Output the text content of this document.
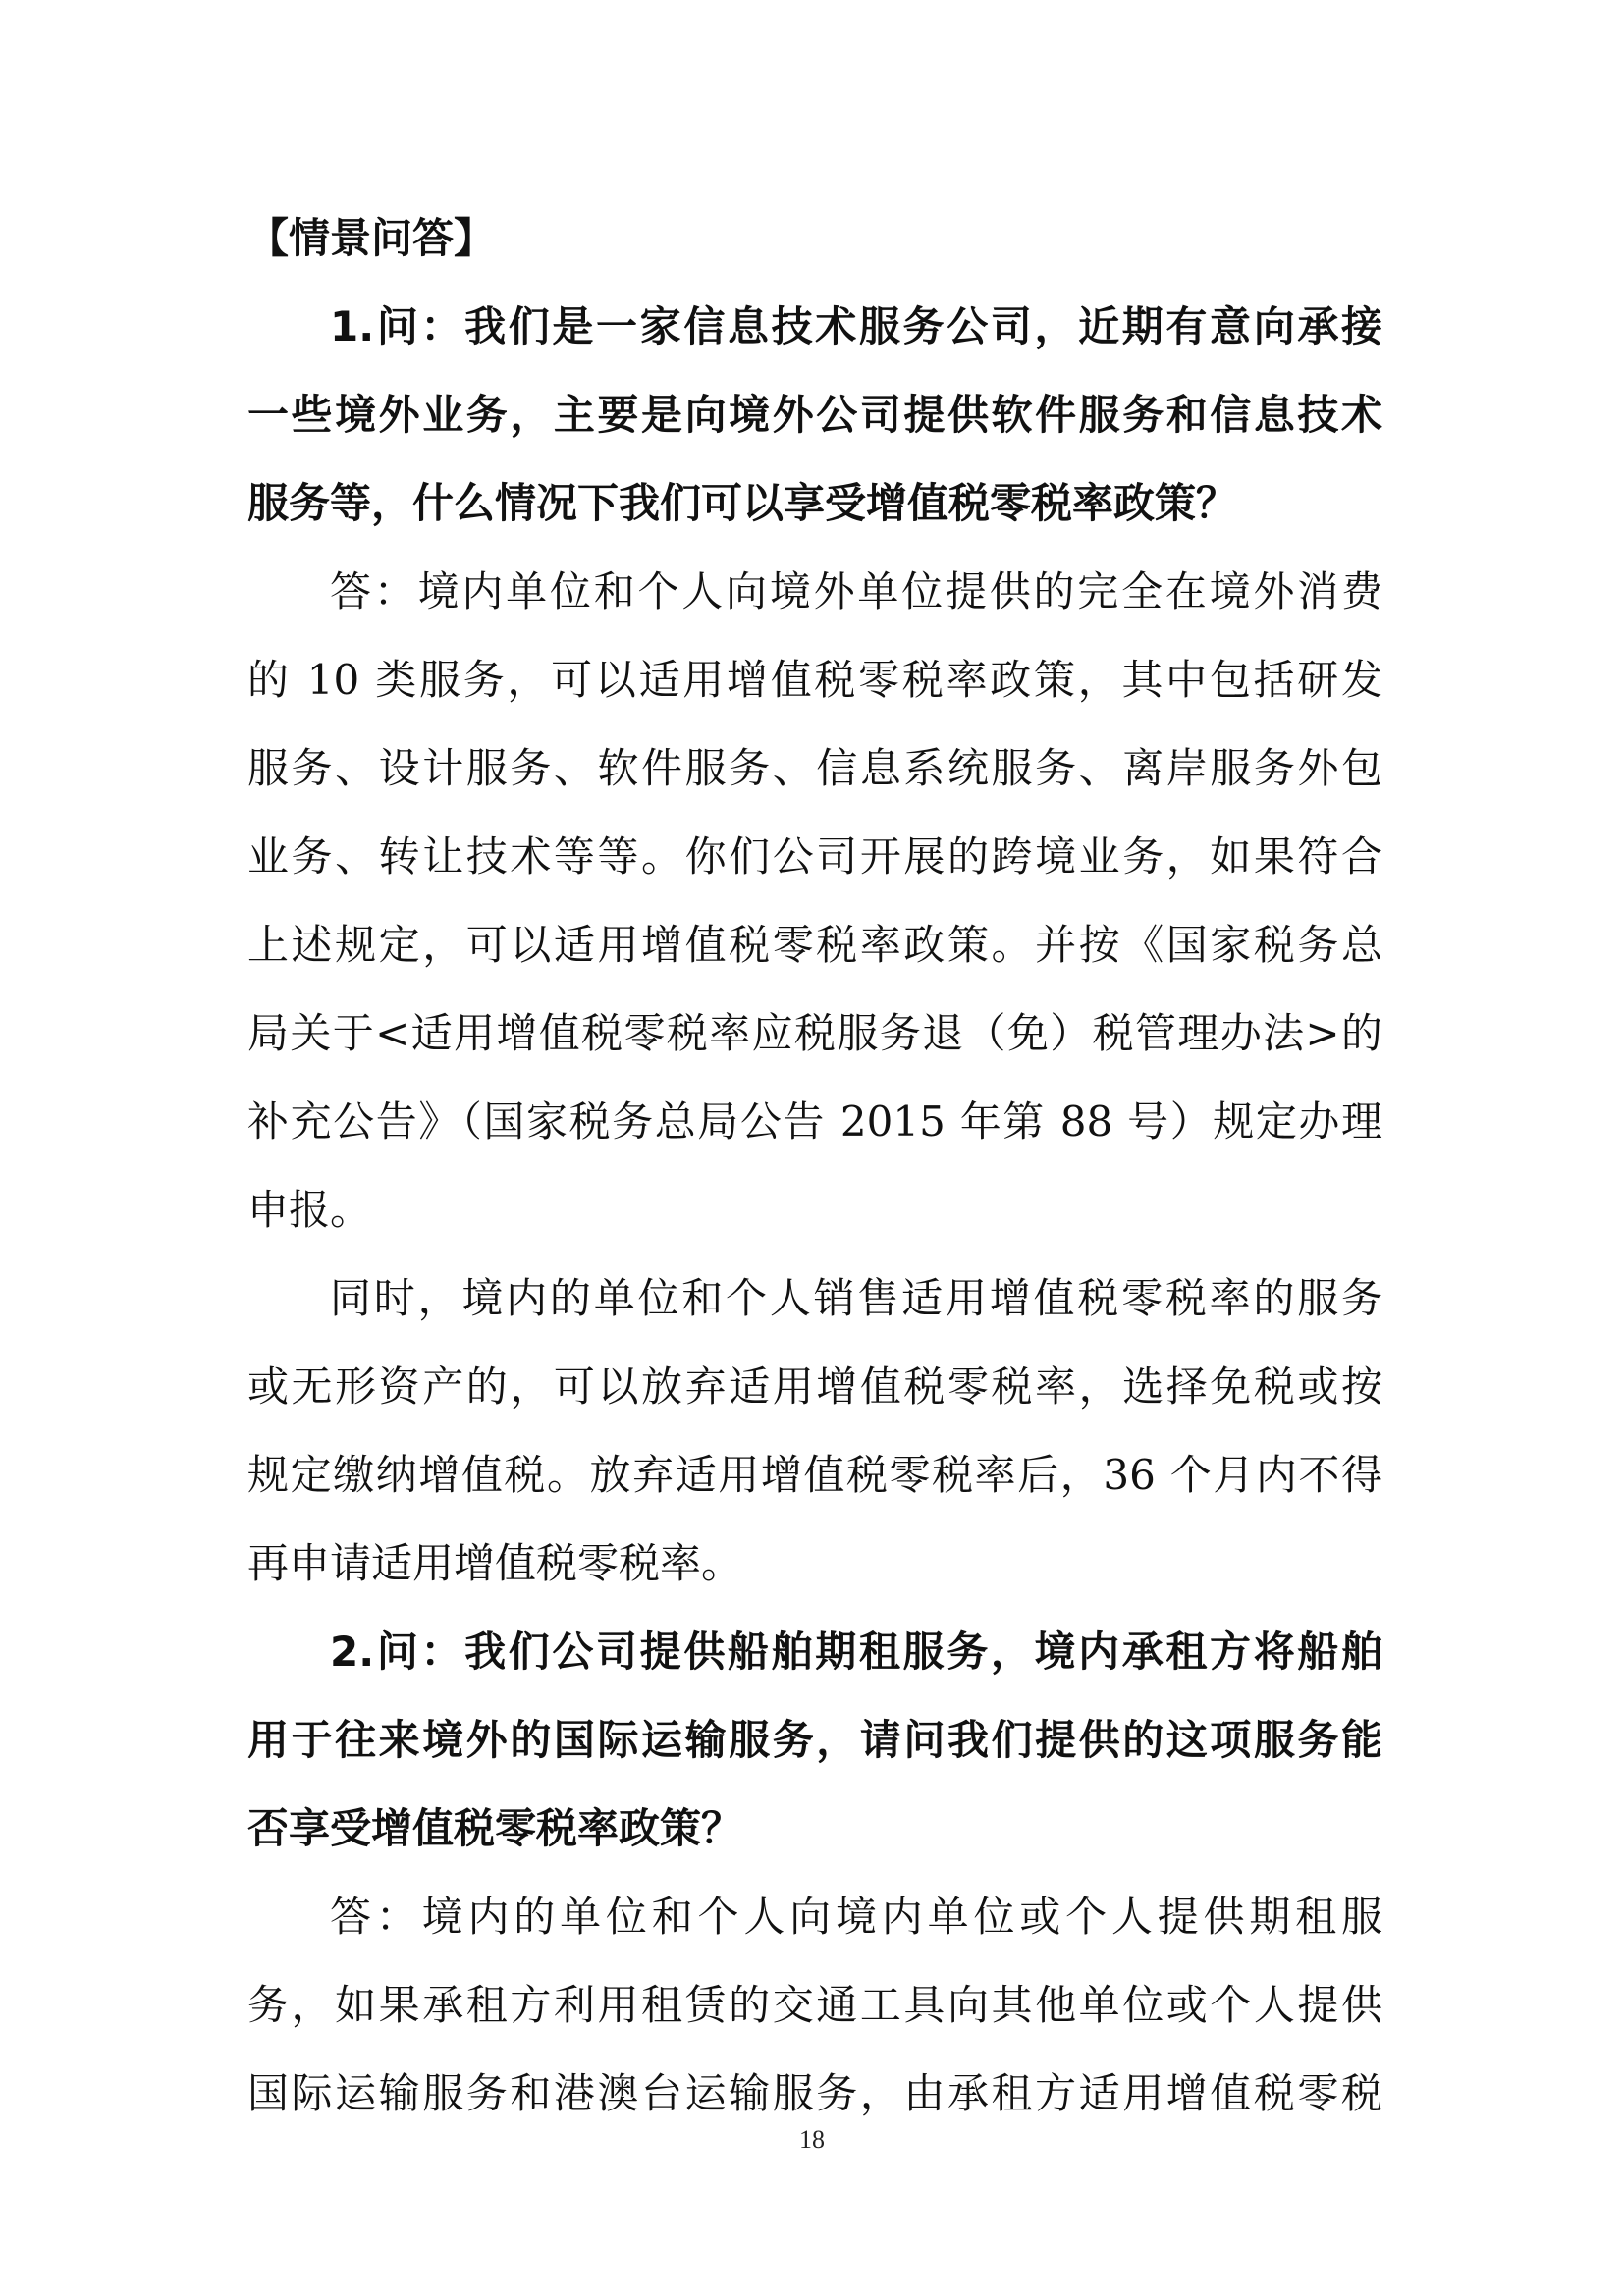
【情景问答】
1.问：我们是一家信息技术服务公司，近期有意向承接
一些境外业务，主要是向境外公司提供软件服务和信息技术
服务等，什么情况下我们可以享受增值税零税率政策？
答：境内单位和个人向境外单位提供的完全在境外消费
的 10 类服务，可以适用增值税零税率政策，其中包括研发
服务、设计服务、软件服务、信息系统服务、离岸服务外包
业务、转让技术等等。你们公司开展的跨境业务，如果符合
上述规定，可以适用增值税零税率政策。并按《国家税务总
局关于<适用增值税零税率应税服务退（免）税管理办法>的
补充公告》（国家税务总局公告 2015 年第 88 号）规定办理
申报。
同时，境内的单位和个人销售适用增值税零税率的服务
或无形资产的，可以放弃适用增值税零税率，选择免税或按
规定缴纳增值税。放弃适用增值税零税率后，36 个月内不得
再申请适用增值税零税率。
2.问：我们公司提供船舶期租服务，境内承租方将船舶
用于往来境外的国际运输服务，请问我们提供的这项服务能
否享受增值税零税率政策？
答：境内的单位和个人向境内单位或个人提供期租服
务，如果承租方利用租赁的交通工具向其他单位或个人提供
国际运输服务和港澳台运输服务，由承租方适用增值税零税
18
